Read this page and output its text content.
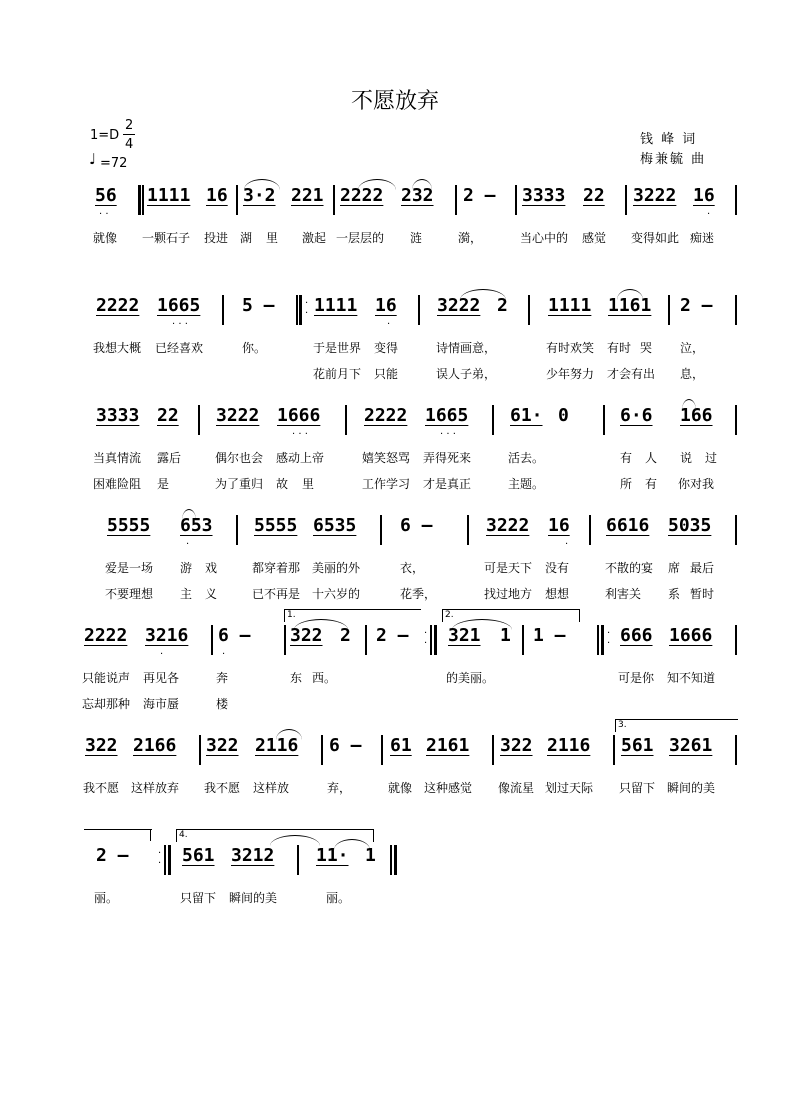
不愿放弃
1=D
2
4
♩ =72
钱 峰 词
梅兼毓 曲
56 1111 16 3·2 221 2222 232 2 – 3333 22 3222 16
· ·	·
就像 一颗石子 投进 湖 里 激起 一层层的 涟	漪，	当心中的 感觉 变得如此 痴迷
2222 1665 5 –	·
· 1111 16 3222 2 1111 1161 2 –
· · ·	·
我想大概 已经喜欢	你。	于是世界 变得	诗情画意，	有时欢笑 有时 哭 泣，
花前月下 只能	误人子弟，	少年努力 才会有出 息，
3333 22 3222 1666 2222 1665 61· 0	6·6 166
· · ·	· · ·
当真情流 露后	偶尔也会 感动上帝	嬉笑怒骂 弄得死来	活去。	有 人 说 过
困难险阻 是	为了重归 故 里	工作学习 才是真正	主题。	所 有 你对我
5555 653 5555 6535 6 –	3222 16 6616 5035
·	·
爱是一场 游 戏	都穿着那 美丽的外	衣，	可是天下 没有	不散的宴 席 最后
不要理想 主 义	已不再是 十六岁的	花季，	找过地方 想想	利害关 系 暂时
1.	2.
2222 3216 6 – 322 2 2 – ·
· 321 1 1 –	·
· 666 1666
·	·
只能说声 再见各	奔	东 西。	的美丽。	可是你 知不知道
忘却那种 海市蜃	楼
3.
322 2166 322 2116 6 – 61 2161 322 2116 561 3261
我不愿 这样放弃 我不愿 这样放	弃，	就像 这种感觉 像流星 划过天际 只留下 瞬间的美
4.
2 –	·
· 561 3212 11· 1
丽。	只留下 瞬间的美	丽。
